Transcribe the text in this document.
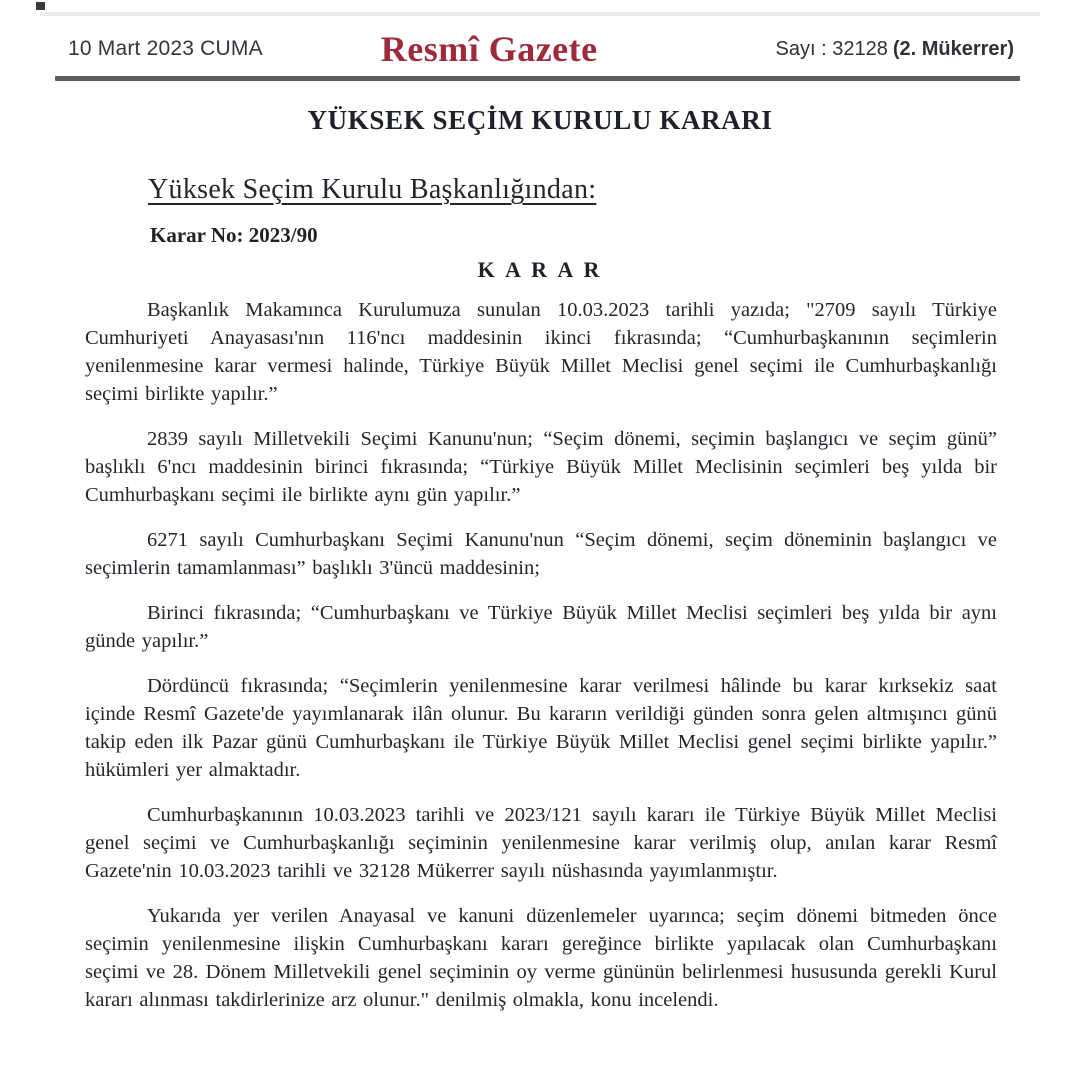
10 Mart 2023 CUMA	Resmî Gazete	Sayı : 32128 (2. Mükerrer)
YÜKSEK SEÇİM KURULU KARARI
Yüksek Seçim Kurulu Başkanlığından:
Karar No: 2023/90
K A R A R

Başkanlık Makamınca Kurulumuza sunulan 10.03.2023 tarihli yazıda; "2709 sayılı Türkiye Cumhuriyeti Anayasası'nın 116'ncı maddesinin ikinci fıkrasında; “Cumhurbaşkanının seçimlerin yenilenmesine karar vermesi halinde, Türkiye Büyük Millet Meclisi genel seçimi ile Cumhurbaşkanlığı seçimi birlikte yapılır.”

2839 sayılı Milletvekili Seçimi Kanunu'nun; “Seçim dönemi, seçimin başlangıcı ve seçim günü” başlıklı 6'ncı maddesinin birinci fıkrasında; “Türkiye Büyük Millet Meclisinin seçimleri beş yılda bir Cumhurbaşkanı seçimi ile birlikte aynı gün yapılır.”

6271 sayılı Cumhurbaşkanı Seçimi Kanunu'nun “Seçim dönemi, seçim döneminin başlangıcı ve seçimlerin tamamlanması” başlıklı 3'üncü maddesinin;

Birinci fıkrasında; “Cumhurbaşkanı ve Türkiye Büyük Millet Meclisi seçimleri beş yılda bir aynı günde yapılır.”

Dördüncü fıkrasında; “Seçimlerin yenilenmesine karar verilmesi hâlinde bu karar kırksekiz saat içinde Resmî Gazete'de yayımlanarak ilân olunur. Bu kararın verildiği günden sonra gelen altmışıncı günü takip eden ilk Pazar günü Cumhurbaşkanı ile Türkiye Büyük Millet Meclisi genel seçimi birlikte yapılır.” hükümleri yer almaktadır.

Cumhurbaşkanının 10.03.2023 tarihli ve 2023/121 sayılı kararı ile Türkiye Büyük Millet Meclisi genel seçimi ve Cumhurbaşkanlığı seçiminin yenilenmesine karar verilmiş olup, anılan karar Resmî Gazete'nin 10.03.2023 tarihli ve 32128 Mükerrer sayılı nüshasında yayımlanmıştır.

Yukarıda yer verilen Anayasal ve kanuni düzenlemeler uyarınca; seçim dönemi bitmeden önce seçimin yenilenmesine ilişkin Cumhurbaşkanı kararı gereğince birlikte yapılacak olan Cumhurbaşkanı seçimi ve 28. Dönem Milletvekili genel seçiminin oy verme gününün belirlenmesi hususunda gerekli Kurul kararı alınması takdirlerinize arz olunur." denilmiş olmakla, konu incelendi.
